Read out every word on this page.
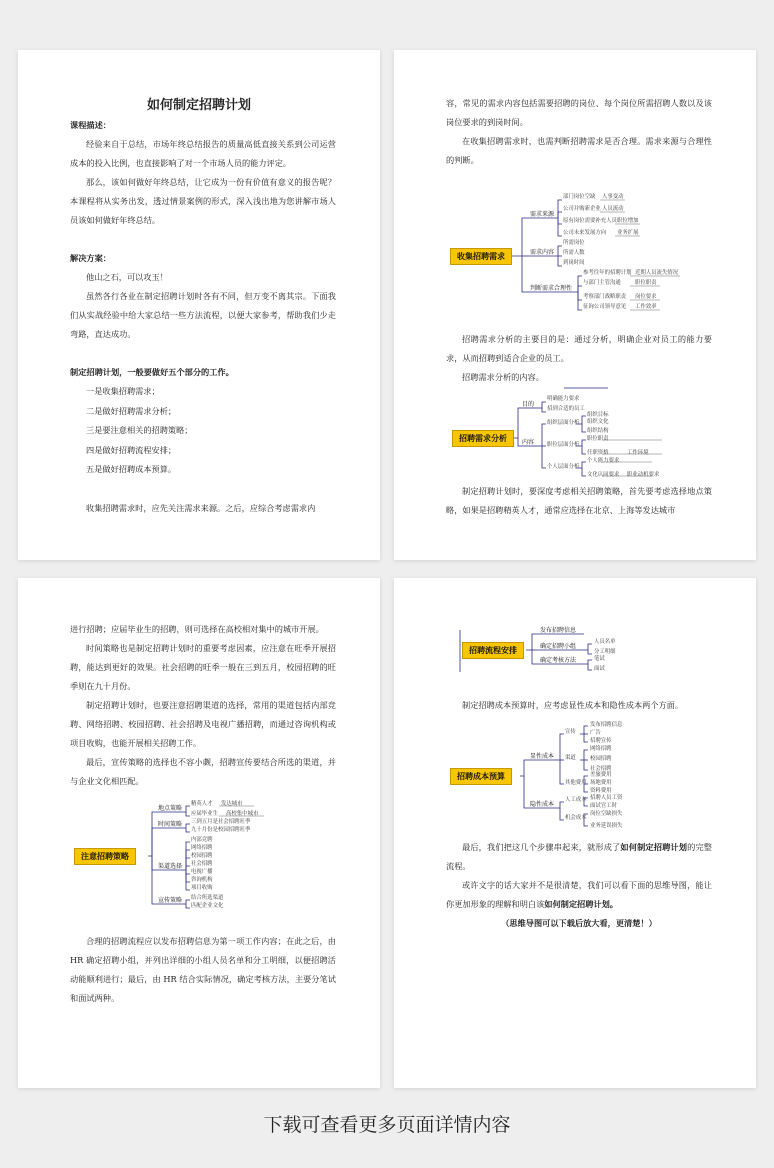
如何制定招聘计划
课程描述：
经验来自于总结，市场年终总结报告的质量高低直接关系到公司运营成本的投入比例，也直接影响了对一个市场人员的能力评定。
那么，该如何做好年终总结，让它成为一份有价值有意义的报告呢？本课程将从实务出发，透过情景案例的形式，深入浅出地为您讲解市场人员该如何做好年终总结。
解决方案：
他山之石，可以攻玉！
虽然各行各业在制定招聘计划时各有不同，但万变不离其宗。下面我们从实战经验中给大家总结一些方法流程，以便大家参考，帮助我们少走弯路，直达成功。
制定招聘计划，一般要做好五个部分的工作。
一是收集招聘需求；
二是做好招聘需求分析；
三是要注意相关的招聘策略；
四是做好招聘流程安排；
五是做好招聘成本预算。
收集招聘需求时，应先关注需求来源。之后，应综合考虑需求内
容，常见的需求内容包括需要招聘的岗位、每个岗位所需招聘人数以及该岗位要求的到岗时间。
在收集招聘需求时，也需判断招聘需求是否合理。需求来源与合理性的判断。
收集招聘需求
需求来源
需求内容
判断需求合理性
部门岗位空缺
公司并购新企业
原有岗位需要补充人员
公司未来发展方向
人事变动
人员流动
职位增加
业务扩展
所需岗位
所需人数
到岗时间
参考往年的招聘计划
与部门主管沟通
考察部门战略职责
征询公司领导意见
近期人员流失情况
职位职责
岗位要求
工作效率
招聘需求分析的主要目的是：通过分析，明确企业对员工的能力要求，从而招聘到适合企业的员工。
招聘需求分析的内容。
招聘需求分析
目的
内容
明确能力要求
招到合适的员工
组织层面分析
职位层面分析
个人层面分析
组织目标
组织文化
组织结构
职位职责
任职资格	工作环境
个人能力要求
文化认同要求 职业动机要求
制定招聘计划时，要深度考虑相关招聘策略，首先要考虑选择地点策略，如果是招聘精英人才，通常应选择在北京、上海等发达城市
进行招聘；应届毕业生的招聘，则可选择在高校相对集中的城市开展。
时间策略也是制定招聘计划时的重要考虑因素，应注意在旺季开展招聘，能达到更好的效果。社会招聘的旺季一般在三到五月，校园招聘的旺季则在九十月份。
制定招聘计划时，也要注意招聘渠道的选择，常用的渠道包括内部竞聘、网络招聘、校园招聘、社会招聘及电视广播招聘，而通过咨询机构或项目收购，也能开展相关招聘工作。
最后，宣传策略的选择也不容小觑，招聘宣传要结合所选的渠道，并与企业文化相匹配。
注意招聘策略
地点策略
时间策略
渠道选择
宣传策略
精英人才
应届毕业生
发达城市
高校集中城市
三到五月是社会招聘旺季
九十月份是校园招聘旺季
内部竞聘
网络招聘
校园招聘
社会招聘
电视广播
咨询机构
项目收购
结合所选渠道
匹配企业文化
合理的招聘流程应以发布招聘信息为第一项工作内容；在此之后，由 HR 确定招聘小组，并列出详细的小组人员名单和分工明细，以便招聘活动能顺利进行；最后，由 HR 结合实际情况，确定考核方法，主要分笔试和面试两种。
招聘流程安排
发布招聘信息
确定招聘小组
确定考核方法
人员名单
分工明细
笔试
面试
制定招聘成本预算时，应考虑显性成本和隐性成本两个方面。
招聘成本预算
显性成本
隐性成本
宣传
渠道
其他费用
人工成本
机会成本
发布招聘信息
广告
招聘宣传
网络招聘
校园招聘
社会招聘
差旅费用
场地费用
资料费用
招聘人员工资
面试官工时
岗位空缺损失
业务延误损失
最后，我们把这几个步骤串起来，就形成了如何制定招聘计划的完整流程。
或许文字的话大家并不是很清楚，我们可以看下面的思维导图，能让你更加形象的理解和明白该如何制定招聘计划。
（思维导图可以下载后放大看，更清楚！）
下载可查看更多页面详情内容
